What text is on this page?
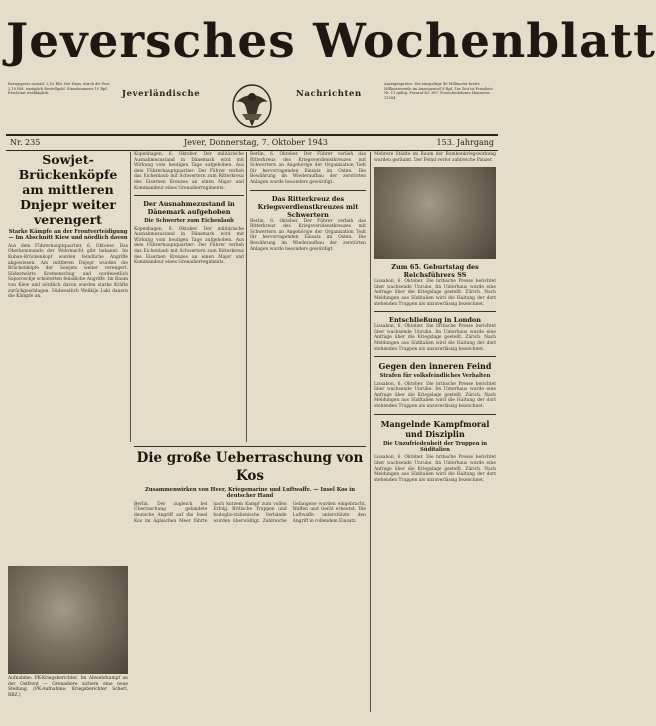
Jeversches Wochenblatt
Bezugspreis monatl. 2,10 RM. frei Haus, durch die Post 2,10 RM. zuzüglich Bestellgeld. Einzelnummer 10 Rpf. Erscheint werktäglich.
Anzeigenpreise: Die einspaltige 46 Millimeter breite Millimeterzeile im Anzeigenteil 8 Rpf. Zur Zeit ist Preisliste Nr. 11 gültig. Fernruf Nr. 367. Postscheckkonto Hannover 11584
Jeverländische	Nachrichten
Nr. 235	Jever, Donnerstag, 7. Oktober 1943	153. Jahrgang
Sowjet-Brückenköpfe am mittleren Dnjepr weiter verengert
Starke Kämpfe an der Frontverteidigung — Im Abschnitt Kiew und nördlich davon
Aus dem Führerhauptquartier, 6. Oktober. Das Oberkommando der Wehrmacht gibt bekannt: Im Kuban-Brückenkopf wurden feindliche Angriffe abgewiesen. Am mittleren Dnjepr wurden die Brückenköpfe der Sowjets weiter verengert. Südostwärts Kremenschug und nordwestlich Saporoschje scheiterten feindliche Angriffe. Im Raum von Kiew und nördlich davon wurden starke Kräfte zurückgeschlagen. Südwestlich Welikije Luki dauern die Kämpfe an.
Kopenhagen, 6. Oktober. Der militärische Ausnahmezustand in Dänemark wird mit Wirkung vom heutigen Tage aufgehoben. Aus dem Führerhauptquartier: Der Führer verlieh das Eichenlaub mit Schwertern zum Ritterkreuz des Eisernen Kreuzes an einen Major und Kommandeur eines Grenadierregiments.
Der Ausnahmezustand in Dänemark aufgehoben
Die Schwerter zum Eichenlaub
Kopenhagen, 6. Oktober. Der militärische Ausnahmezustand in Dänemark wird mit Wirkung vom heutigen Tage aufgehoben. Aus dem Führerhauptquartier: Der Führer verlieh das Eichenlaub mit Schwertern zum Ritterkreuz des Eisernen Kreuzes an einen Major und Kommandeur eines Grenadierregiments.
Berlin, 6. Oktober. Der Führer verlieh das Ritterkreuz des Kriegsverdienstkreuzes mit Schwertern an Angehörige der Organisation Todt für hervorragenden Einsatz im Osten. Die Bewährung im Wiederaufbau der zerstörten Anlagen wurde besonders gewürdigt.
Das Ritterkreuz des Kriegsverdienstkreuzes mit Schwertern
Berlin, 6. Oktober. Der Führer verlieh das Ritterkreuz des Kriegsverdienstkreuzes mit Schwertern an Angehörige der Organisation Todt für hervorragenden Einsatz im Osten. Die Bewährung im Wiederaufbau der zerstörten Anlagen wurde besonders gewürdigt.
Mehrere Städte im Raum der Bombenkriegswirkung wurden geräumt. Der Feind verlor zahlreiche Panzer.
Zum 65. Geburtstag des Reichsführers SS
Lissabon, 6. Oktober. Die britische Presse berichtet über wachsende Unruhe. Im Unterhaus wurde eine Anfrage über die Kriegslage gestellt. Zürich. Nach Meldungen aus Süditalien wird die Haltung der dort stehenden Truppen als unzuverlässig bezeichnet.
Entschließung in London
Lissabon, 6. Oktober. Die britische Presse berichtet über wachsende Unruhe. Im Unterhaus wurde eine Anfrage über die Kriegslage gestellt. Zürich. Nach Meldungen aus Süditalien wird die Haltung der dort stehenden Truppen als unzuverlässig bezeichnet.
Gegen den inneren Feind
Strafen für volksfeindliches Verhalten
Lissabon, 6. Oktober. Die britische Presse berichtet über wachsende Unruhe. Im Unterhaus wurde eine Anfrage über die Kriegslage gestellt. Zürich. Nach Meldungen aus Süditalien wird die Haltung der dort stehenden Truppen als unzuverlässig bezeichnet.
Mangelnde Kampfmoral und Disziplin
Die Unzufriedenheit der Truppen in Süditalien
Lissabon, 6. Oktober. Die britische Presse berichtet über wachsende Unruhe. Im Unterhaus wurde eine Anfrage über die Kriegslage gestellt. Zürich. Nach Meldungen aus Süditalien wird die Haltung der dort stehenden Truppen als unzuverlässig bezeichnet.
Die große Ueberraschung von Kos
Zusammenwirken von Heer, Kriegsmarine und Luftwaffe. — Insel Kos in deutscher Hand
Berlin. Der zugleich bei Überraschung gelandete deutsche Angriff auf die Insel Kos im Ägäischen Meer führte nach kurzem Kampf zum vollen Erfolg. Britische Truppen und badoglio-italienische Verbände wurden überwältigt. Zahlreiche Gefangene wurden eingebracht, Waffen und Gerät erbeutet. Die Luftwaffe unterstützte den Angriff in rollendem Einsatz.
Aufnahme: PK-Kriegsberichter. Im Abwehrkampf an der Ostfront — Grenadiere sichern eine neue Stellung. (PK-Aufnahme: Kriegsberichter Scherl, RBZ.)
